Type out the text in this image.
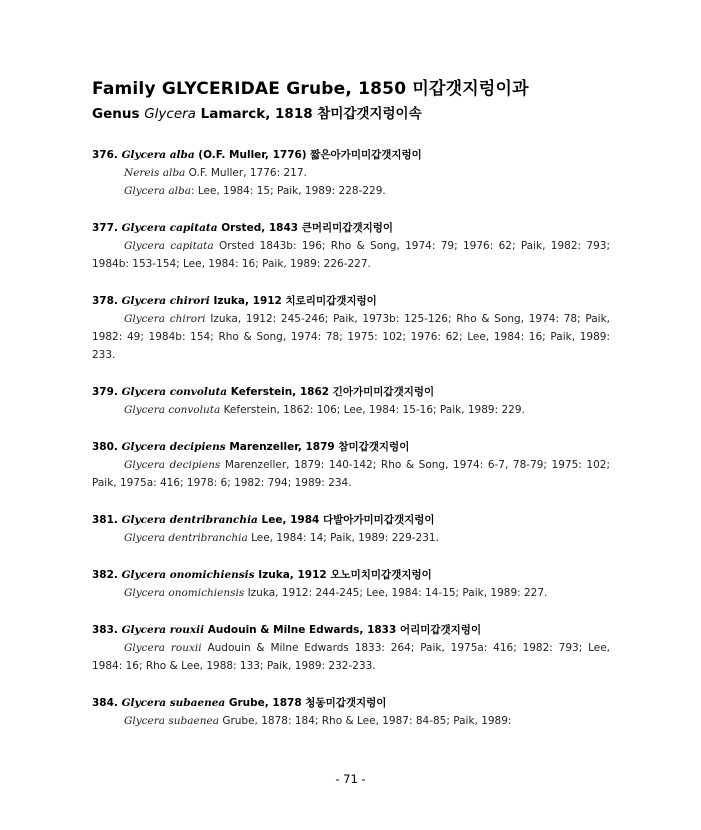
Family GLYCERIDAE Grube, 1850 미갑갯지렁이과
Genus Glycera Lamarck, 1818 참미갑갯지렁이속
376. Glycera alba (O.F. Muller, 1776) 짧은아가미미갑갯지렁이
Nereis alba O.F. Muller, 1776: 217.
Glycera alba: Lee, 1984: 15; Paik, 1989: 228-229.
377. Glycera capitata Orsted, 1843 큰머리미갑갯지렁이
Glycera capitata Orsted 1843b: 196; Rho & Song, 1974: 79; 1976: 62; Paik, 1982: 793; 1984b: 153-154; Lee, 1984: 16; Paik, 1989: 226-227.
378. Glycera chirori Izuka, 1912 치로리미갑갯지렁이
Glycera chirori Izuka, 1912: 245-246; Paik, 1973b: 125-126; Rho & Song, 1974: 78; Paik, 1982: 49; 1984b: 154; Rho & Song, 1974: 78; 1975: 102; 1976: 62; Lee, 1984: 16; Paik, 1989: 233.
379. Glycera convoluta Keferstein, 1862 긴아가미미갑갯지렁이
Glycera convoluta Keferstein, 1862: 106; Lee, 1984: 15-16; Paik, 1989: 229.
380. Glycera decipiens Marenzeller, 1879 참미갑갯지렁이
Glycera decipiens Marenzeller, 1879: 140-142; Rho & Song, 1974: 6-7, 78-79; 1975: 102; Paik, 1975a: 416; 1978: 6; 1982: 794; 1989: 234.
381. Glycera dentribranchia Lee, 1984 다발아가미미갑갯지렁이
Glycera dentribranchia Lee, 1984: 14; Paik, 1989: 229-231.
382. Glycera onomichiensis Izuka, 1912 오노미치미갑갯지렁이
Glycera onomichiensis Izuka, 1912: 244-245; Lee, 1984: 14-15; Paik, 1989: 227.
383. Glycera rouxii Audouin & Milne Edwards, 1833 어리미갑갯지렁이
Glycera rouxii Audouin & Milne Edwards 1833: 264; Paik, 1975a: 416; 1982: 793; Lee, 1984: 16; Rho & Lee, 1988: 133; Paik, 1989: 232-233.
384. Glycera subaenea Grube, 1878 청동미갑갯지렁이
Glycera subaenea Grube, 1878: 184; Rho & Lee, 1987: 84-85; Paik, 1989:
- 71 -
